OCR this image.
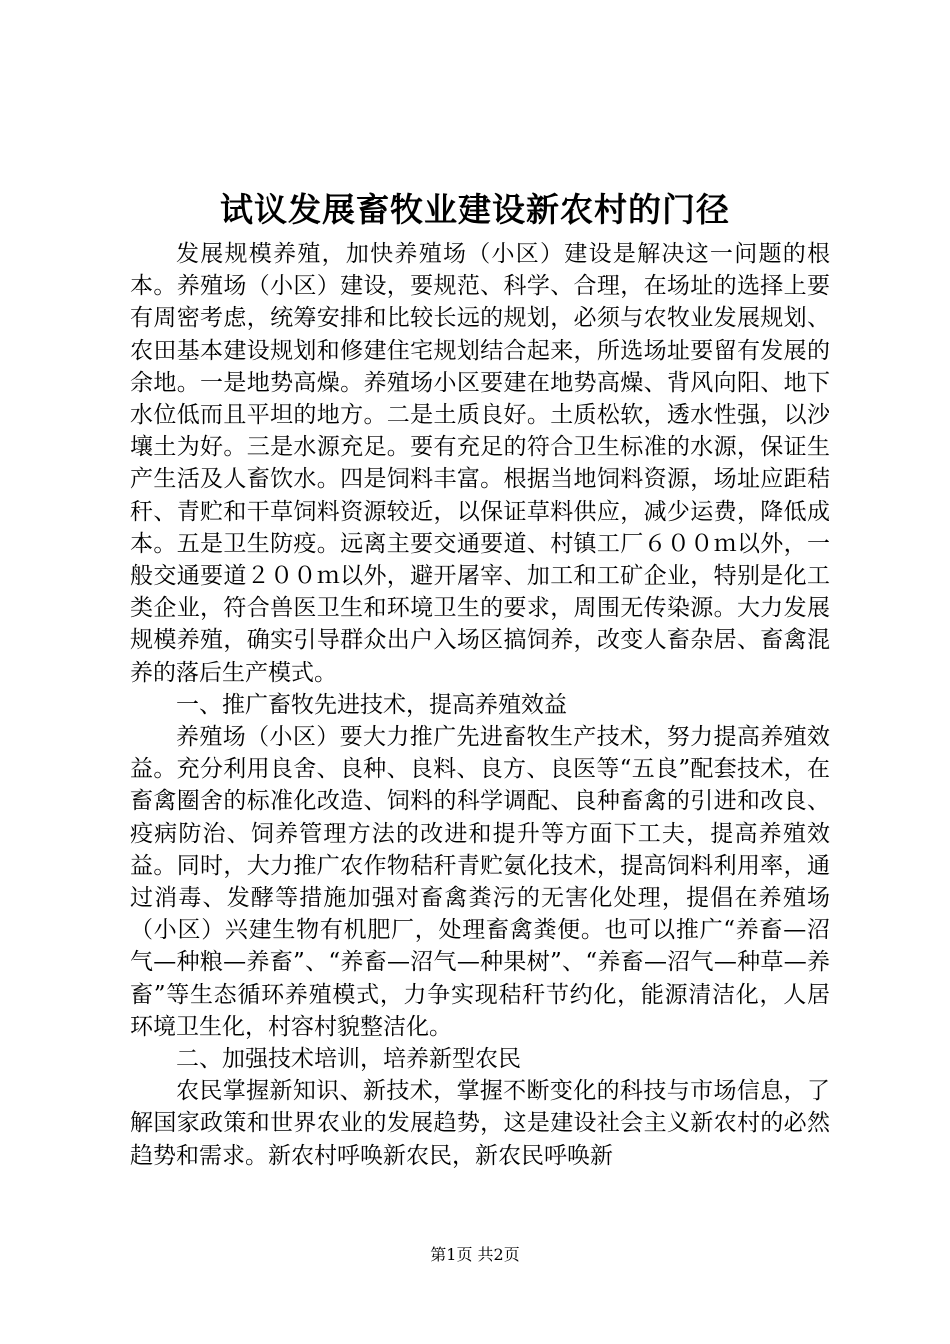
试议发展畜牧业建设新农村的门径

发展规模养殖，加快养殖场（小区）建设是解决这一问题的根本。养殖场（小区）建设，要规范、科学、合理，在场址的选择上要有周密考虑，统筹安排和比较长远的规划，必须与农牧业发展规划、农田基本建设规划和修建住宅规划结合起来，所选场址要留有发展的余地。一是地势高燥。养殖场小区要建在地势高燥、背风向阳、地下水位低而且平坦的地方。二是土质良好。土质松软，透水性强，以沙壤土为好。三是水源充足。要有充足的符合卫生标准的水源，保证生产生活及人畜饮水。四是饲料丰富。根据当地饲料资源，场址应距秸秆、青贮和干草饲料资源较近，以保证草料供应，减少运费，降低成本。五是卫生防疫。远离主要交通要道、村镇工厂６００ｍ以外，一般交通要道２００ｍ以外，避开屠宰、加工和工矿企业，特别是化工类企业，符合兽医卫生和环境卫生的要求，周围无传染源。大力发展规模养殖，确实引导群众出户入场区搞饲养，改变人畜杂居、畜禽混养的落后生产模式。

一、推广畜牧先进技术，提高养殖效益

养殖场（小区）要大力推广先进畜牧生产技术，努力提高养殖效益。充分利用良舍、良种、良料、良方、良医等“五良”配套技术，在畜禽圈舍的标准化改造、饲料的科学调配、良种畜禽的引进和改良、疫病防治、饲养管理方法的改进和提升等方面下工夫，提高养殖效益。同时，大力推广农作物秸秆青贮氨化技术，提高饲料利用率，通过消毒、发酵等措施加强对畜禽粪污的无害化处理，提倡在养殖场（小区）兴建生物有机肥厂，处理畜禽粪便。也可以推广“养畜—沼气—种粮—养畜”、“养畜—沼气—种果树”、“养畜—沼气—种草—养畜”等生态循环养殖模式，力争实现秸秆节约化，能源清洁化，人居环境卫生化，村容村貌整洁化。

二、加强技术培训，培养新型农民

农民掌握新知识、新技术，掌握不断变化的科技与市场信息，了解国家政策和世界农业的发展趋势，这是建设社会主义新农村的必然趋势和需求。新农村呼唤新农民，新农民呼唤新

第1页 共2页
